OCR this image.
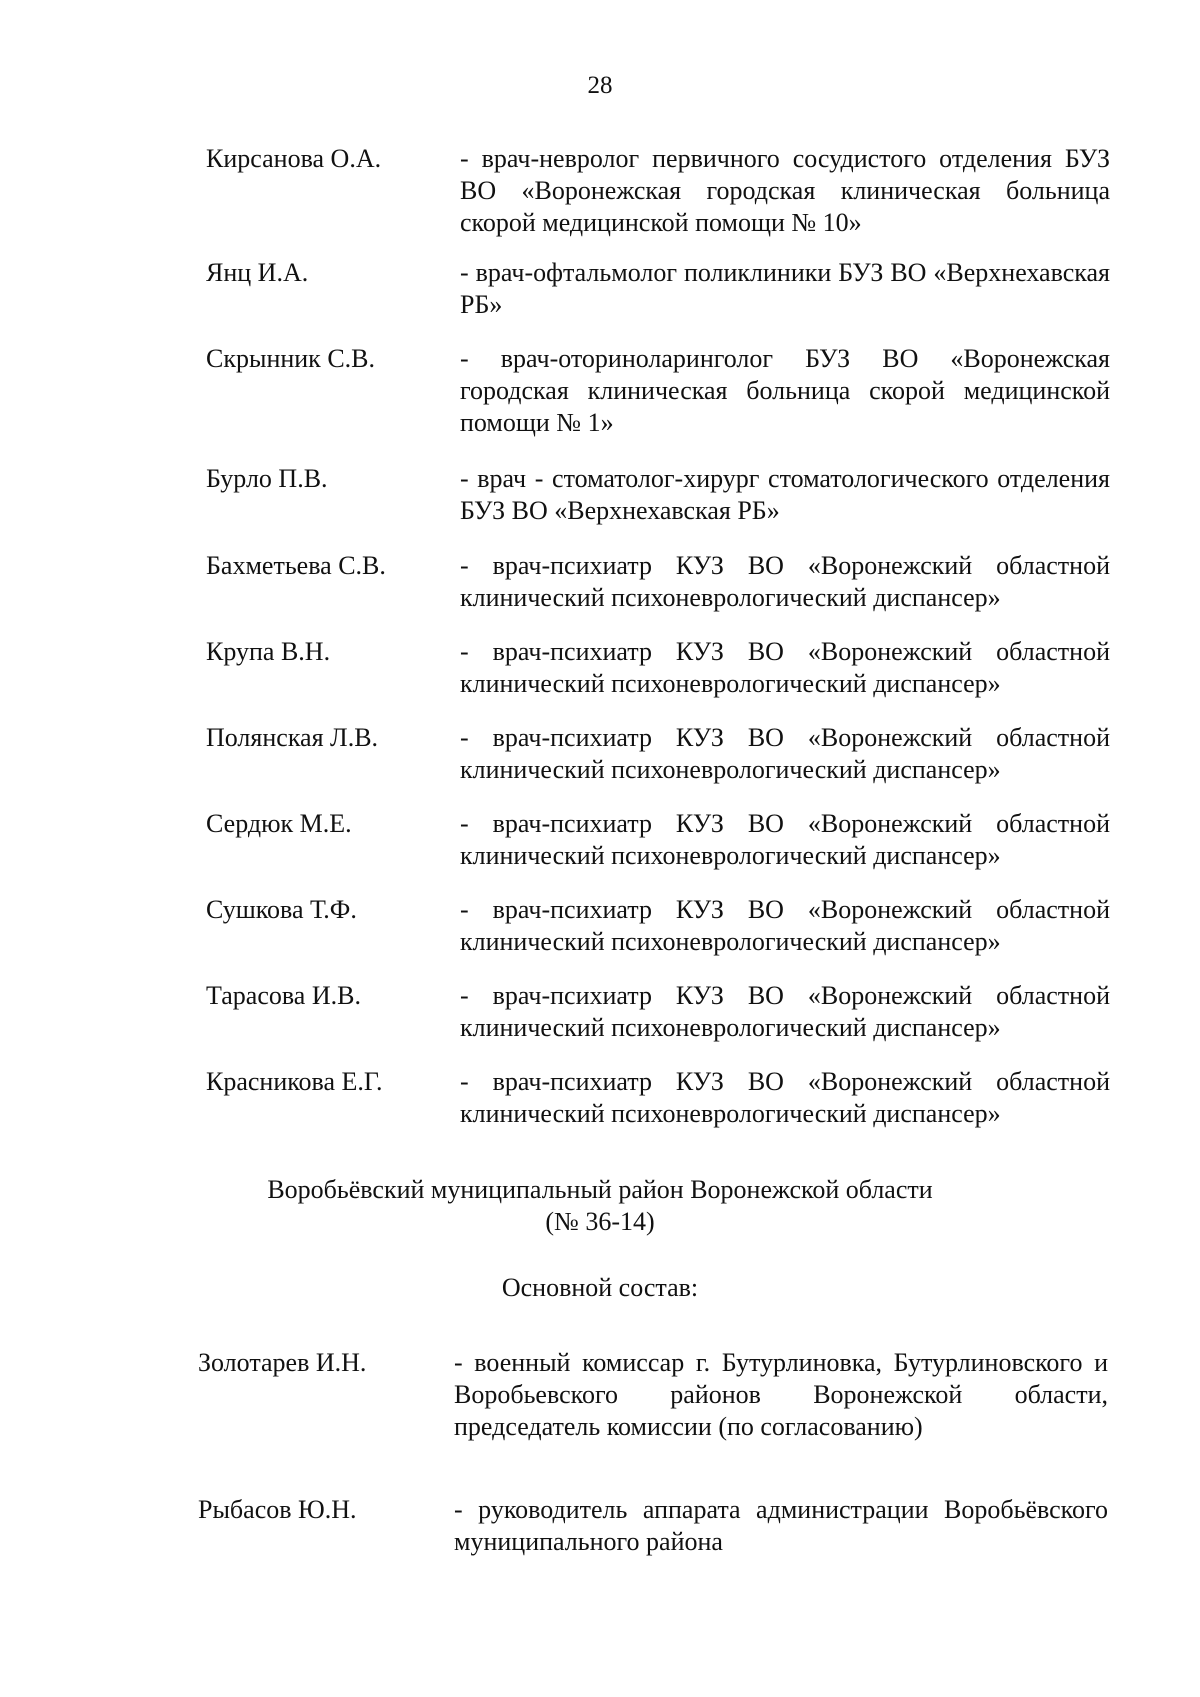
28
Кирсанова О.А.	- врач-невролог первичного сосудистого отделения БУЗ ВО «Воронежская городская клиническая больница скорой медицинской помощи № 10»
Янц И.А.	- врач-офтальмолог поликлиники БУЗ ВО «Верхнехавская РБ»
Скрынник С.В.	- врач-оториноларинголог БУЗ ВО «Воронежская городская клиническая больница скорой медицинской помощи № 1»
Бурло П.В.	- врач - стоматолог-хирург стоматологического отделения БУЗ ВО «Верхнехавская РБ»
Бахметьева С.В.	- врач-психиатр КУЗ ВО «Воронежский областной клинический психоневрологический диспансер»
Крупа В.Н.	- врач-психиатр КУЗ ВО «Воронежский областной клинический психоневрологический диспансер»
Полянская Л.В.	- врач-психиатр КУЗ ВО «Воронежский областной клинический психоневрологический диспансер»
Сердюк М.Е.	- врач-психиатр КУЗ ВО «Воронежский областной клинический психоневрологический диспансер»
Сушкова Т.Ф.	- врач-психиатр КУЗ ВО «Воронежский областной клинический психоневрологический диспансер»
Тарасова И.В.	- врач-психиатр КУЗ ВО «Воронежский областной клинический психоневрологический диспансер»
Красникова Е.Г.	- врач-психиатр КУЗ ВО «Воронежский областной клинический психоневрологический диспансер»
Воробьёвский муниципальный район Воронежской области
(№ 36-14)
Основной состав:
Золотарев И.Н.	- военный комиссар г. Бутурлиновка, Бутурлиновского и Воробьевского районов Воронежской области, председатель комиссии (по согласованию)
Рыбасов Ю.Н.	- руководитель аппарата администрации Воробьёвского муниципального района
